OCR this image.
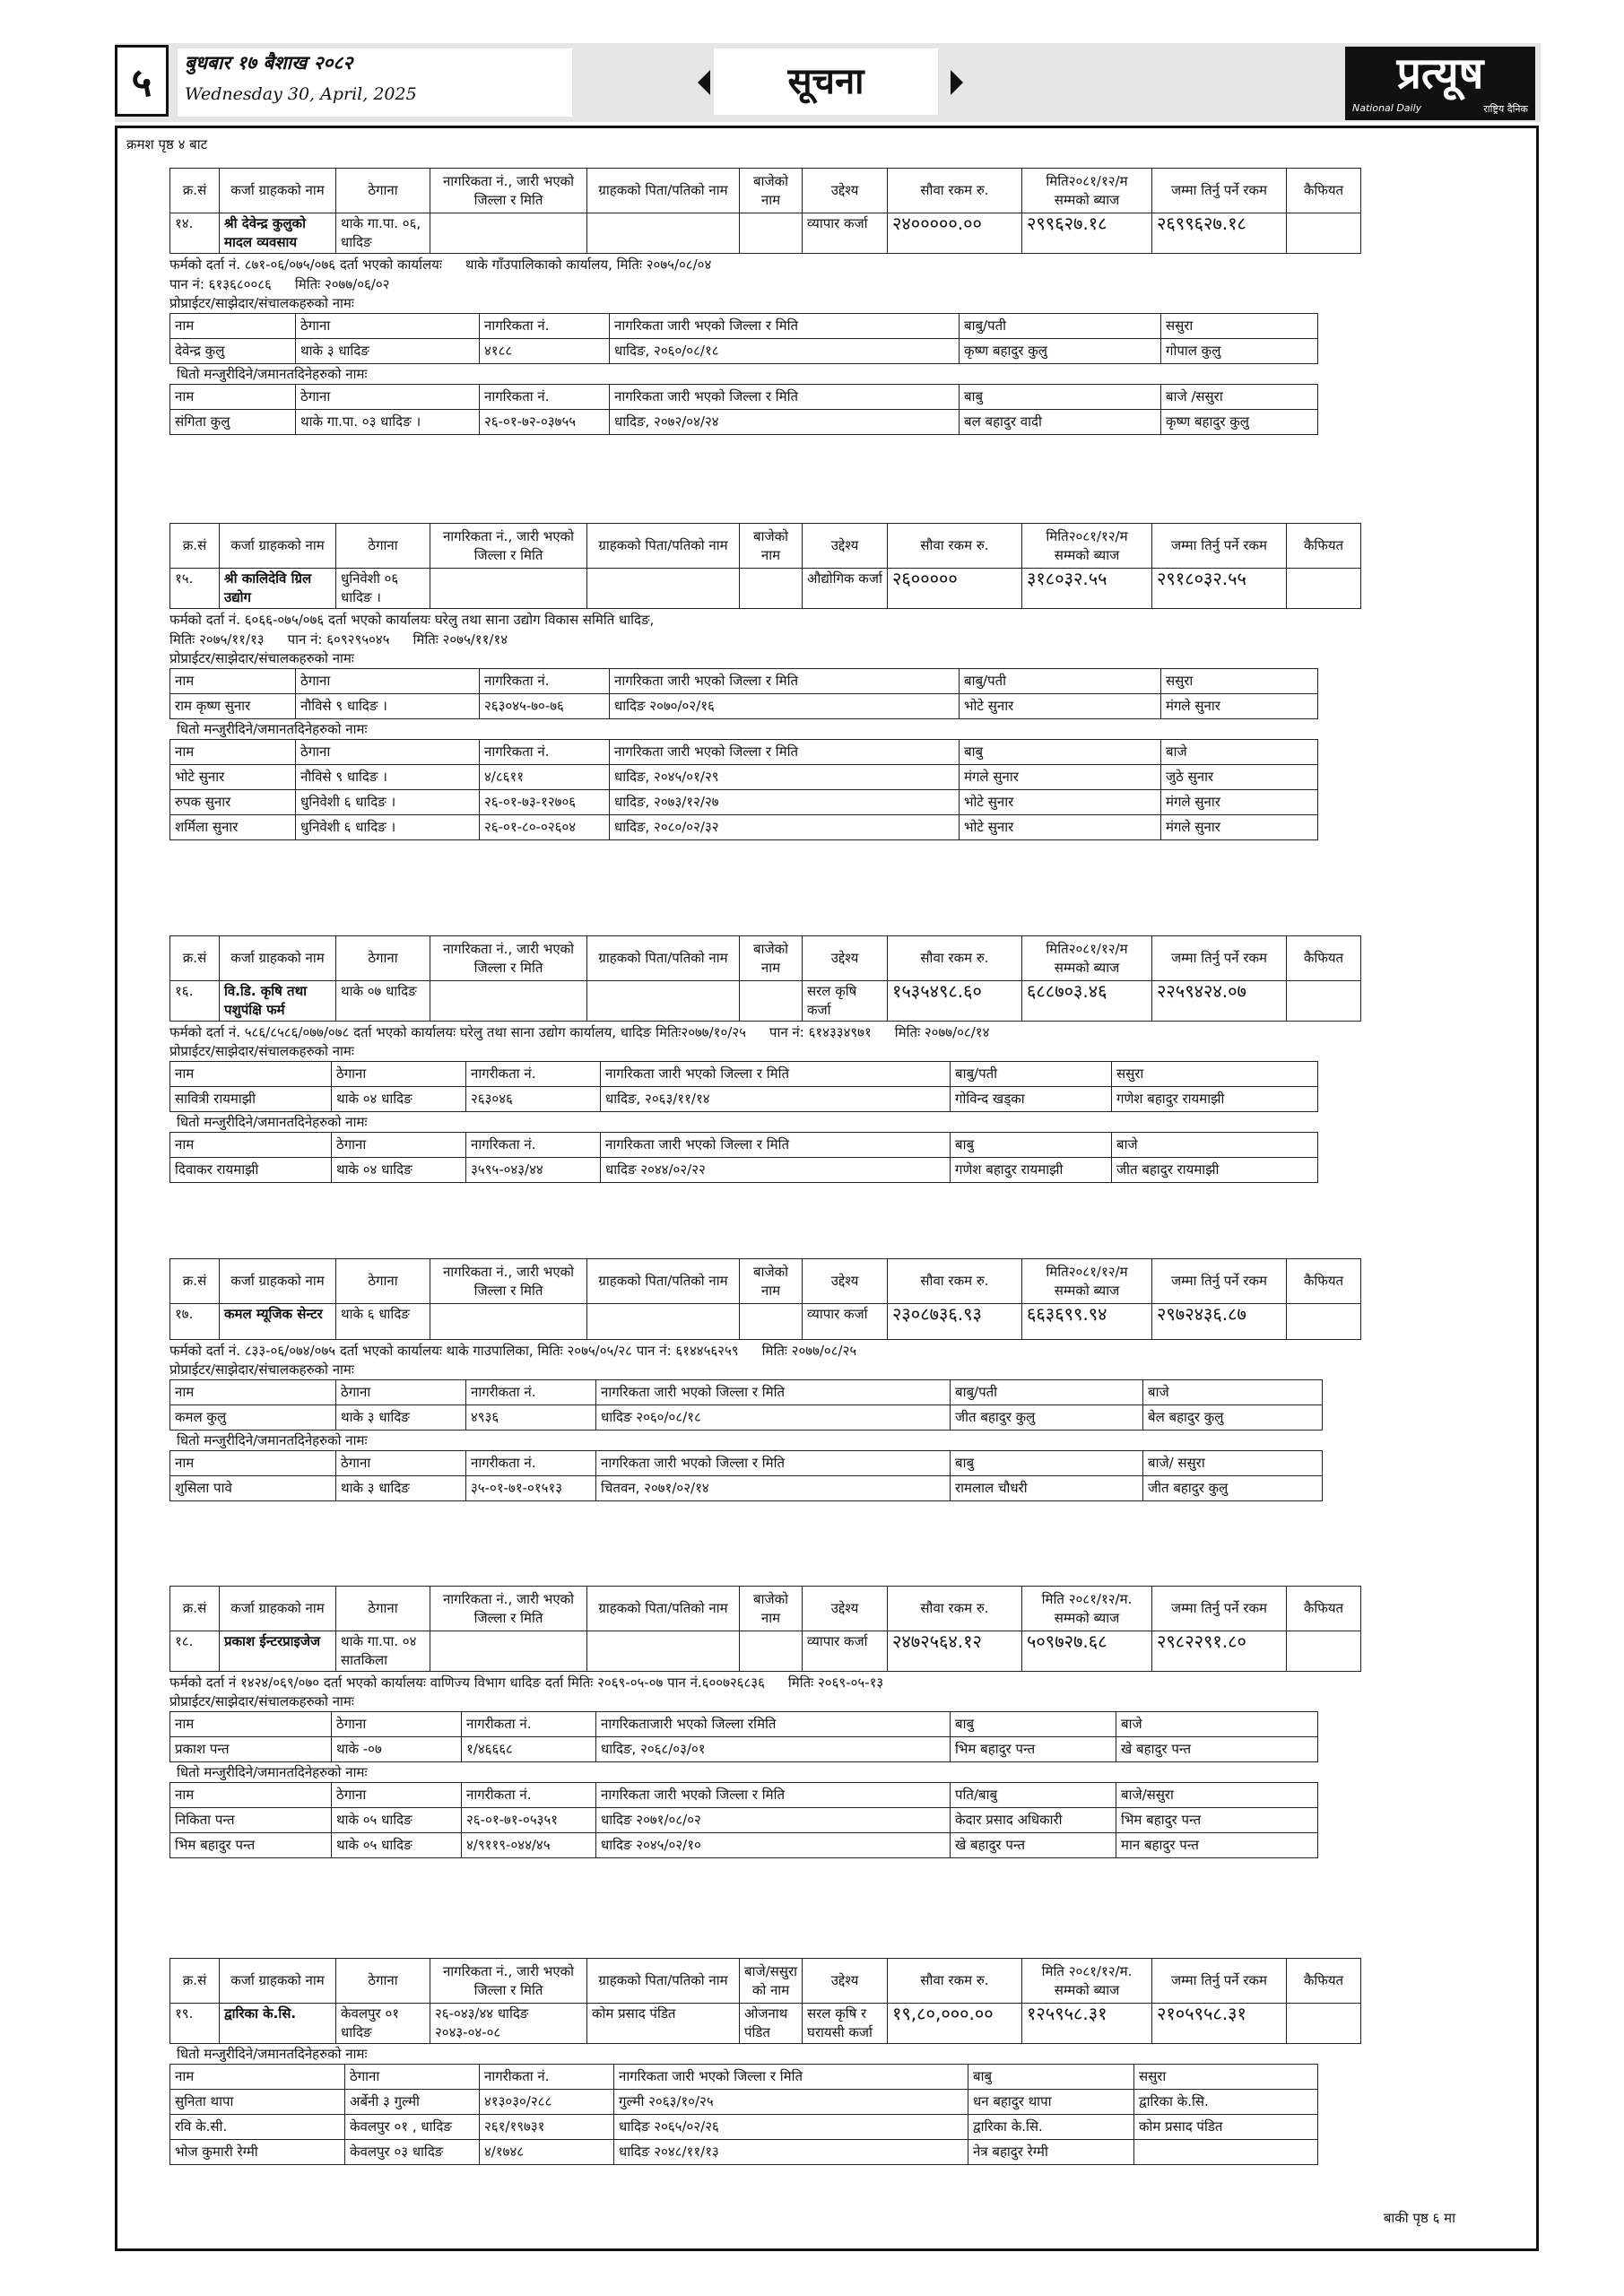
५	बुधबार १७ बैशाख २०८२
Wednesday 30, April, 2025	सूचना	प्रत्यूष
National Daily	राष्ट्रिय दैनिक
क्रमश पृष्ठ ४ बाट
क्र.सं	कर्जा ग्राहकको नाम	ठेगाना	नागरिकता नं., जारी भएको जिल्ला र मिति	ग्राहकको पिता/पतिको नाम	बाजेको नाम	उद्देश्य	सौवा रकम रु.	मिति२०८१/१२/म सम्मको ब्याज	जम्मा तिर्नु पर्ने रकम	कैफियत
१४.	श्री देवेन्द्र कुलुको मादल व्यवसाय	थाके गा.पा. ०६, धादिङ				व्यापार कर्जा	२४०००००.००	२९९६२७.१८	२६९९६२७.१८	
फर्मको दर्ता नं. ८७१-०६/०७५/०७६ दर्ता भएको कार्यालयः थाके गाँउपालिकाको कार्यालय, मितिः २०७५/०८/०४
पान नं: ६१३६८००८६ मितिः २०७७/०६/०२
प्रोप्राईटर/साझेदार/संचालकहरुको नामः
नाम	ठेगाना	नागरिकता नं.	नागरिकता जारी भएको जिल्ला र मिति	बाबु/पती	ससुरा
देवेन्द्र कुलु	थाके ३ धादिङ	४१८८	धादिङ, २०६०/०८/१८	कृष्ण बहादुर कुलु	गोपाल कुलु
धितो मन्जुरीदिने/जमानतदिनेहरुको नामः
नाम	ठेगाना	नागरिकता नं.	नागरिकता जारी भएको जिल्ला र मिति	बाबु	बाजे /ससुरा
संगिता कुलु	थाके गा.पा. ०३ धादिङ ।	२६-०१-७२-०३७५५	धादिङ, २०७२/०४/२४	बल बहादुर वादी	कृष्ण बहादुर कुलु
क्र.सं	कर्जा ग्राहकको नाम	ठेगाना	नागरिकता नं., जारी भएको जिल्ला र मिति	ग्राहकको पिता/पतिको नाम	बाजेको नाम	उद्देश्य	सौवा रकम रु.	मिति२०८१/१२/म सम्मको ब्याज	जम्मा तिर्नु पर्ने रकम	कैफियत
१५.	श्री कालिदेवि ग्रिल उद्योग	धुनिवेशी ०६ धादिङ ।				औद्योगिक कर्जा	२६०००००	३१८०३२.५५	२९१८०३२.५५	
फर्मको दर्ता नं. ६०६६-०७५/०७६ दर्ता भएको कार्यालयः घरेलु तथा साना उद्योग विकास समिति धादिङ,
मितिः २०७५/११/१३ पान नं: ६०९२९५०४५ मितिः २०७५/११/१४
प्रोप्राईटर/साझेदार/संचालकहरुको नामः
नाम	ठेगाना	नागरिकता नं.	नागरिकता जारी भएको जिल्ला र मिति	बाबु/पती	ससुरा
राम कृष्ण सुनार	नौविसे ९ धादिङ ।	२६३०४५-७०-७६	धादिङ २०७०/०२/१६	भोटे सुनार	मंगले सुनार
धितो मन्जुरीदिने/जमानतदिनेहरुको नामः
नाम	ठेगाना	नागरिकता नं.	नागरिकता जारी भएको जिल्ला र मिति	बाबु	बाजे
भोटे सुनार	नौविसे ९ धादिङ ।	४/८६११	धादिङ, २०४५/०१/२९	मंगले सुनार	जुठे सुनार
रुपक सुनार	धुनिवेशी ६ धादिङ ।	२६-०१-७३-१२७०६	धादिङ, २०७३/१२/२७	भोटे सुनार	मंगले सुनार
शर्मिला सुनार	धुनिवेशी ६ धादिङ ।	२६-०१-८०-०२६०४	धादिङ, २०८०/०२/३२	भोटे सुनार	मंगले सुनार
क्र.सं	कर्जा ग्राहकको नाम	ठेगाना	नागरिकता नं., जारी भएको जिल्ला र मिति	ग्राहकको पिता/पतिको नाम	बाजेको नाम	उद्देश्य	सौवा रकम रु.	मिति२०८१/१२/म सम्मको ब्याज	जम्मा तिर्नु पर्ने रकम	कैफियत
१६.	वि.डि. कृषि तथा पशुपंक्षि फर्म	थाके ०७ धादिङ				सरल कृषि कर्जा	१५३५४९८.६०	६८८७०३.४६	२२५९४२४.०७	
फर्मको दर्ता नं. ५८६/८५८६/०७७/०७८ दर्ता भएको कार्यालयः घरेलु तथा साना उद्योग कार्यालय, धादिङ मितिः२०७७/१०/२५ पान नं: ६१४३३४९७१ मितिः २०७७/०८/१४
प्रोप्राईटर/साझेदार/संचालकहरुको नामः
नाम	ठेगाना	नागरीकता नं.	नागरिकता जारी भएको जिल्ला र मिति	बाबु/पती	ससुरा
सावित्री रायमाझी	थाके ०४ धादिङ	२६३०४६	धादिङ, २०६३/११/१४	गोविन्द खड्का	गणेश बहादुर रायमाझी
धितो मन्जुरीदिने/जमानतदिनेहरुको नामः
नाम	ठेगाना	नागरिकता नं.	नागरिकता जारी भएको जिल्ला र मिति	बाबु	बाजे
दिवाकर रायमाझी	थाके ०४ धादिङ	३५९५-०४३/४४	धादिङ २०४४/०२/२२	गणेश बहादुर रायमाझी	जीत बहादुर रायमाझी
क्र.सं	कर्जा ग्राहकको नाम	ठेगाना	नागरिकता नं., जारी भएको जिल्ला र मिति	ग्राहकको पिता/पतिको नाम	बाजेको नाम	उद्देश्य	सौवा रकम रु.	मिति२०८१/१२/म सम्मको ब्याज	जम्मा तिर्नु पर्ने रकम	कैफियत
१७.	कमल म्यूजिक सेन्टर	थाके ६ धादिङ				व्यापार कर्जा	२३०८७३६.९३	६६३६९९.९४	२९७२४३६.८७	
फर्मको दर्ता नं. ८३३-०६/०७४/०७५ दर्ता भएको कार्यालयः थाके गाउपालिका, मितिः २०७५/०५/२८ पान नं: ६१४४५६२५९ मितिः २०७७/०८/२५
प्रोप्राईटर/साझेदार/संचालकहरुको नामः
नाम	ठेगाना	नागरीकता नं.	नागरिकता जारी भएको जिल्ला र मिति	बाबु/पती	बाजे
कमल कुलु	थाके ३ धादिङ	४९३६	धादिङ २०६०/०८/१८	जीत बहादुर कुलु	बेल बहादुर कुलु
धितो मन्जुरीदिने/जमानतदिनेहरुको नामः
नाम	ठेगाना	नागरीकता नं.	नागरिकता जारी भएको जिल्ला र मिति	बाबु	बाजे/ ससुरा
शुसिला पावे	थाके ३ धादिङ	३५-०१-७१-०१५१३	चितवन, २०७१/०२/१४	रामलाल चौधरी	जीत बहादुर कुलु
क्र.सं	कर्जा ग्राहकको नाम	ठेगाना	नागरिकता नं., जारी भएको जिल्ला र मिति	ग्राहकको पिता/पतिको नाम	बाजेको नाम	उद्देश्य	सौवा रकम रु.	मिति २०८१/१२/म. सम्मको ब्याज	जम्मा तिर्नु पर्ने रकम	कैफियत
१८.	प्रकाश ईन्टरप्राइजेज	थाके गा.पा. ०४ सातकिला				व्यापार कर्जा	२४७२५६४.१२	५०९७२७.६८	२९८२२९१.८०	
फर्मको दर्ता नं १४२४/०६९/०७० दर्ता भएको कार्यालयः वाणिज्य विभाग धादिङ दर्ता मितिः २०६९-०५-०७ पान नं.६००७२६८३६ मितिः २०६९-०५-१३
प्रोप्राईटर/साझेदार/संचालकहरुको नामः
नाम	ठेगाना	नागरीकता नं.	नागरिकताजारी भएको जिल्ला रमिति	बाबु	बाजे
प्रकाश पन्त	थाके -०७	१/४६६६८	धादिङ, २०६८/०३/०१	भिम बहादुर पन्त	खे बहादुर पन्त
धितो मन्जुरीदिने/जमानतदिनेहरुको नामः
नाम	ठेगाना	नागरीकता नं.	नागरिकता जारी भएको जिल्ला र मिति	पति/बाबु	बाजे/ससुरा
निकिता पन्त	थाके ०५ धादिङ	२६-०१-७१-०५३५१	धादिङ २०७१/०८/०२	केदार प्रसाद अधिकारी	भिम बहादुर पन्त
भिम बहादुर पन्त	थाके ०५ धादिङ	४/९११९-०४४/४५	धादिङ २०४५/०२/१०	खे बहादुर पन्त	मान बहादुर पन्त
क्र.सं	कर्जा ग्राहकको नाम	ठेगाना	नागरिकता नं., जारी भएको जिल्ला र मिति	ग्राहकको पिता/पतिको नाम	बाजे/ससुरा को नाम	उद्देश्य	सौवा रकम रु.	मिति २०८१/१२/म. सम्मको ब्याज	जम्मा तिर्नु पर्ने रकम	कैफियत
१९.	द्वारिका के.सि.	केवलपुर ०१ धादिङ	२६-०४३/४४ धादिङ २०४३-०४-०८	कोम प्रसाद पंडित	ओजनाथ पंडित	सरल कृषि र घरायसी कर्जा	१९,८०,०००.००	१२५९५८.३१	२१०५९५८.३१	
धितो मन्जुरीदिने/जमानतदिनेहरुको नामः
नाम	ठेगाना	नागरीकता नं.	नागरिकता जारी भएको जिल्ला र मिति	बाबु	ससुरा
सुनिता थापा	अर्बेनी ३ गुल्मी	४१३०३०/२८८	गुल्मी २०६३/१०/२५	धन बहादुर थापा	द्वारिका के.सि.
रवि के.सी.	केवलपुर ०१ , धादिङ	२६१/१९७३१	धादिङ २०६५/०२/२६	द्वारिका के.सि.	कोम प्रसाद पंडित
भोज कुमारी रेग्मी	केवलपुर ०३ धादिङ	४/१७४८	धादिङ २०४८/११/१३	नेत्र बहादुर रेग्मी	
बाकी पृष्ठ ६ मा
